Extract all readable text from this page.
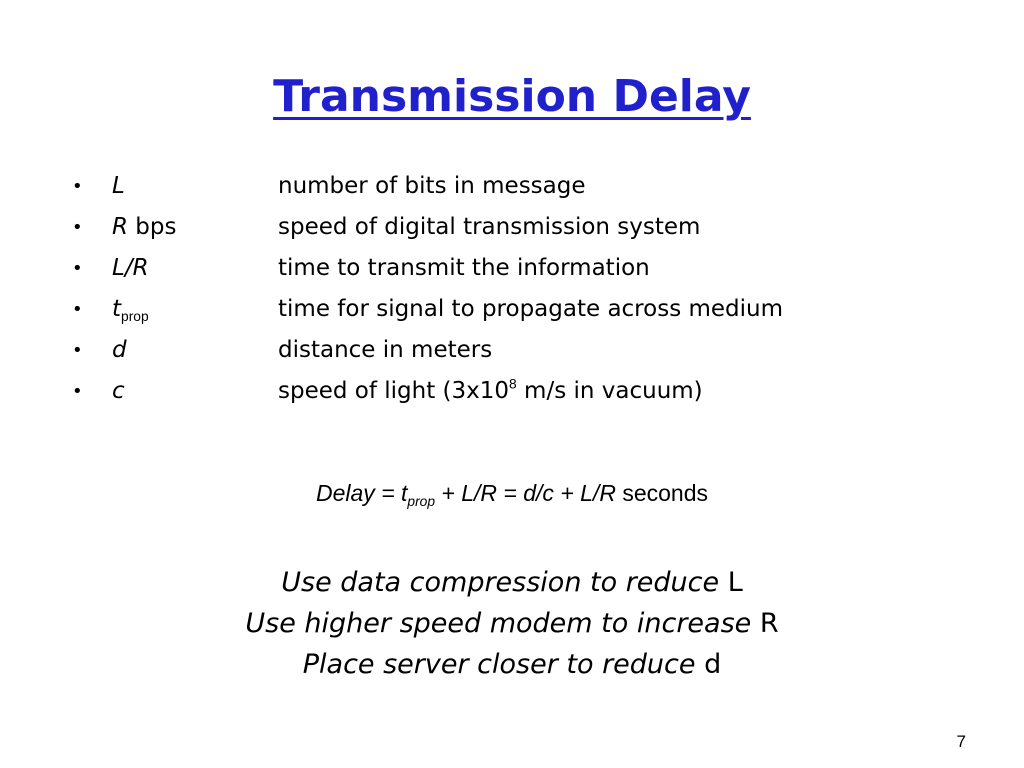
Transmission Delay
•	L	number of bits in message
•	R bps	speed of digital transmission system
•	L/R	time to transmit the information
•	$t_{prop}$	time for signal to propagate across medium
•	d	distance in meters
•	c	speed of light ($3x10^8$ m/s in vacuum)
Delay = $t_{prop} + L/R = d/c + L/R$ seconds
Use data compression to reduce L
Use higher speed modem to increase R
Place server closer to reduce d
7
